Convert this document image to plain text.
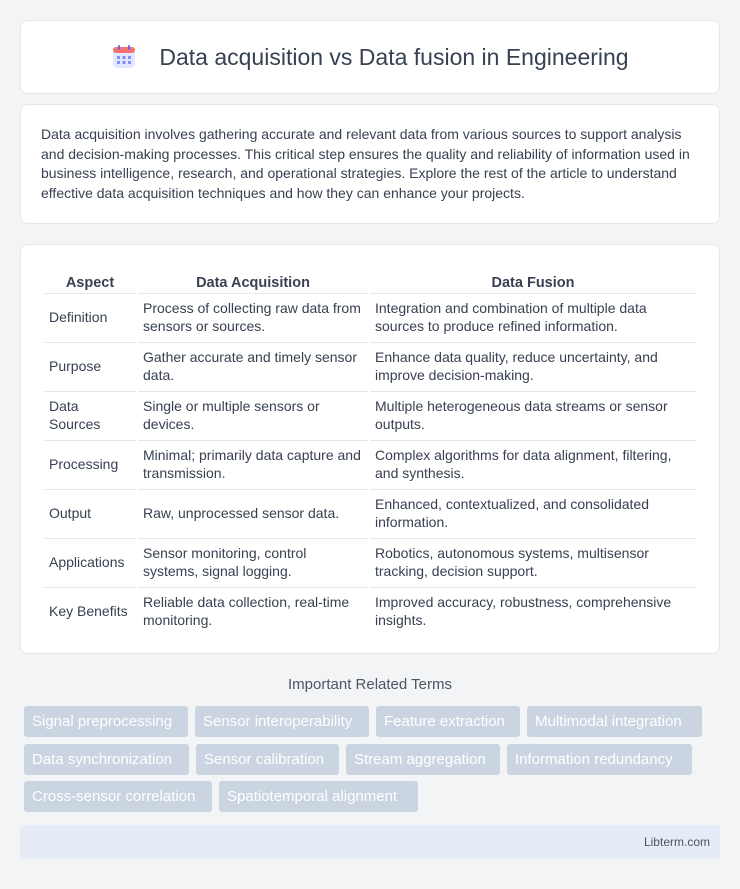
Data acquisition vs Data fusion in Engineering

Data acquisition involves gathering accurate and relevant data from various sources to support analysis and decision-making processes. This critical step ensures the quality and reliability of information used in business intelligence, research, and operational strategies. Explore the rest of the article to understand effective data acquisition techniques and how they can enhance your projects.

Aspect	Data Acquisition	Data Fusion
Definition	Process of collecting raw data from sensors or sources.	Integration and combination of multiple data sources to produce refined information.
Purpose	Gather accurate and timely sensor data.	Enhance data quality, reduce uncertainty, and improve decision-making.
Data Sources	Single or multiple sensors or devices.	Multiple heterogeneous data streams or sensor outputs.
Processing	Minimal; primarily data capture and transmission.	Complex algorithms for data alignment, filtering, and synthesis.
Output	Raw, unprocessed sensor data.	Enhanced, contextualized, and consolidated information.
Applications	Sensor monitoring, control systems, signal logging.	Robotics, autonomous systems, multisensor tracking, decision support.
Key Benefits	Reliable data collection, real-time monitoring.	Improved accuracy, robustness, comprehensive insights.
Important Related Terms
Signal preprocessing	Sensor interoperability	Feature extraction	Multimodal integration
Data synchronization	Sensor calibration	Stream aggregation	Information redundancy
Cross-sensor correlation	Spatiotemporal alignment
Libterm.com
